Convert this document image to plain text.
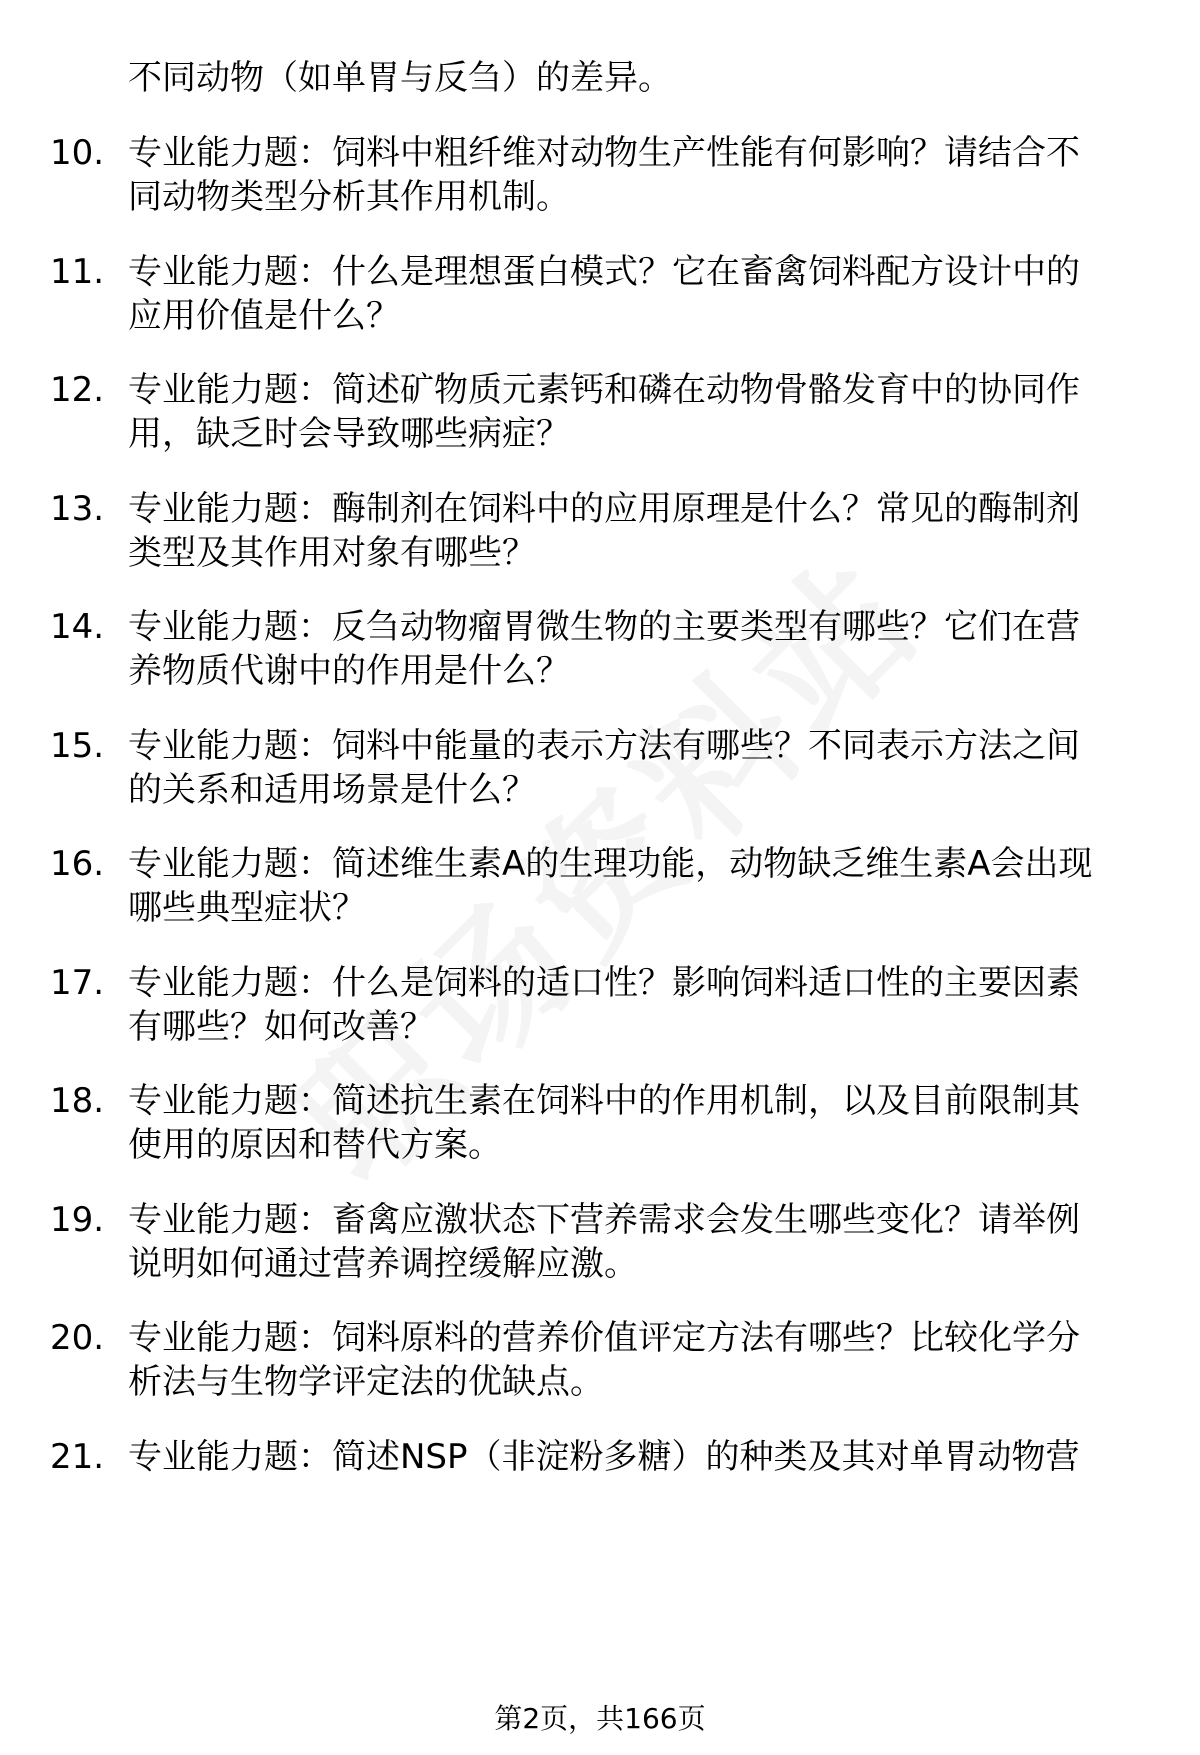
不同动物（如单胃与反刍）的差异。
10. 专业能力题：饲料中粗纤维对动物生产性能有何影响？请结合不
同动物类型分析其作用机制。
11. 专业能力题：什么是理想蛋白模式？它在畜禽饲料配方设计中的
应用价值是什么？
12. 专业能力题：简述矿物质元素钙和磷在动物骨骼发育中的协同作
用，缺乏时会导致哪些病症？
13. 专业能力题：酶制剂在饲料中的应用原理是什么？常见的酶制剂
类型及其作用对象有哪些？
14. 专业能力题：反刍动物瘤胃微生物的主要类型有哪些？它们在营
养物质代谢中的作用是什么？
15. 专业能力题：饲料中能量的表示方法有哪些？不同表示方法之间
的关系和适用场景是什么？
16. 专业能力题：简述维生素A的生理功能，动物缺乏维生素A会出现
哪些典型症状？
17. 专业能力题：什么是饲料的适口性？影响饲料适口性的主要因素
有哪些？如何改善？
18. 专业能力题：简述抗生素在饲料中的作用机制，以及目前限制其
使用的原因和替代方案。
19. 专业能力题：畜禽应激状态下营养需求会发生哪些变化？请举例
说明如何通过营养调控缓解应激。
20. 专业能力题：饲料原料的营养价值评定方法有哪些？比较化学分
析法与生物学评定法的优缺点。
21. 专业能力题：简述NSP（非淀粉多糖）的种类及其对单胃动物营
第2页，共166页
